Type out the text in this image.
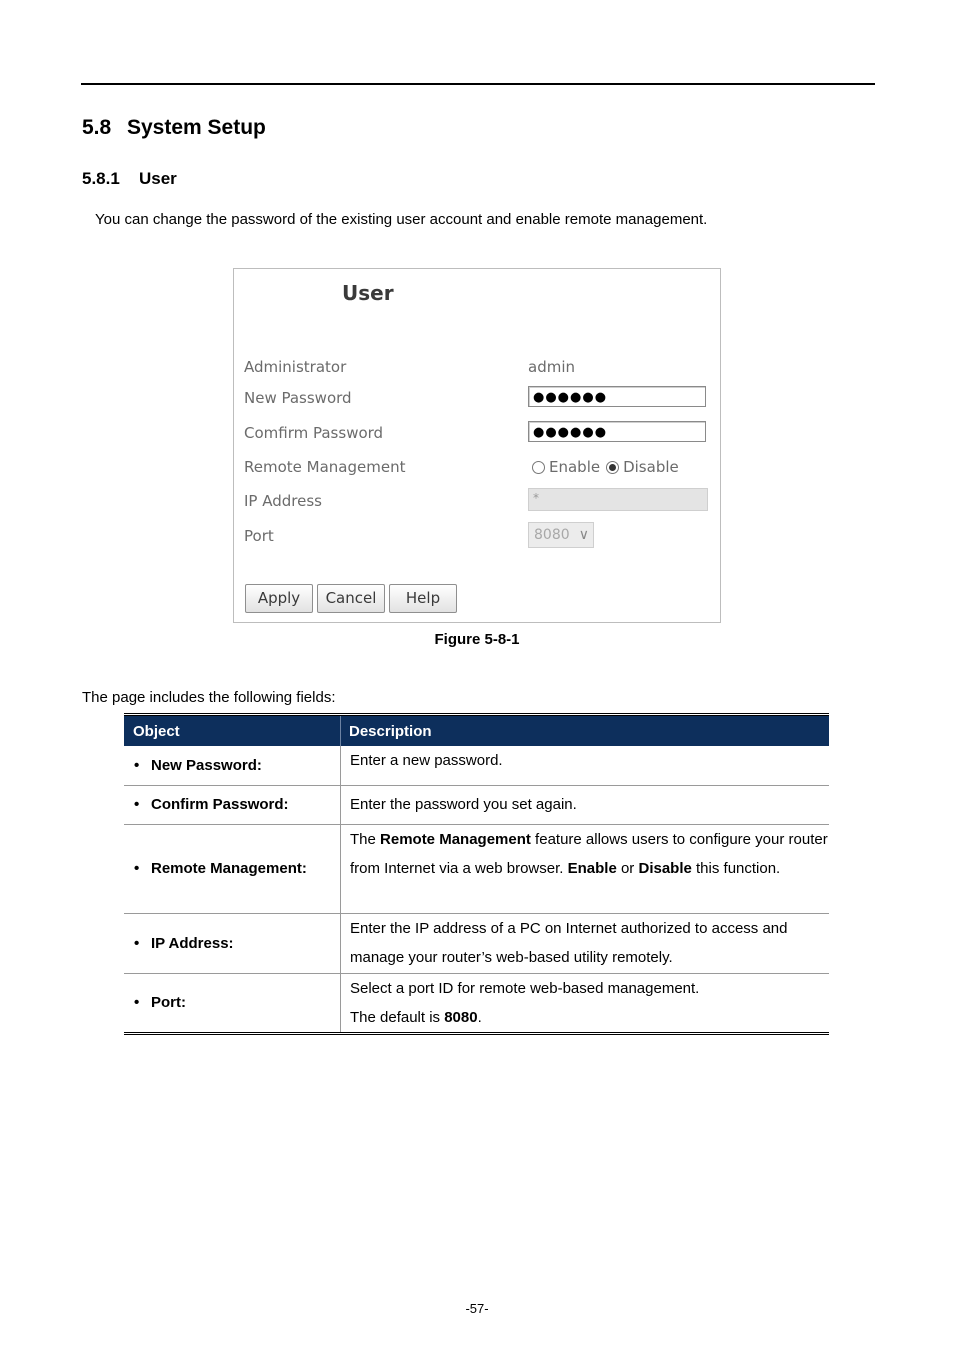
5.8 System Setup
5.8.1 User

You can change the password of the existing user account and enable remote management.

User
Administrator	admin
New Password	●●●●●●
Comfirm Password	●●●●●●
Remote Management	Enable Disable
IP Address	*
Port	8080 ∨
Apply	Cancel	Help
Figure 5-8-1

The page includes the following fields:

Object	Description
• New Password:	Enter a new password.
• Confirm Password:	Enter the password you set again.
• Remote Management:	The Remote Management feature allows users to configure your router from Internet via a web browser. Enable or Disable this function.
• IP Address:	Enter the IP address of a PC on Internet authorized to access and manage your router’s web-based utility remotely.
• Port:	Select a port ID for remote web-based management.
The default is 8080.
-57-
